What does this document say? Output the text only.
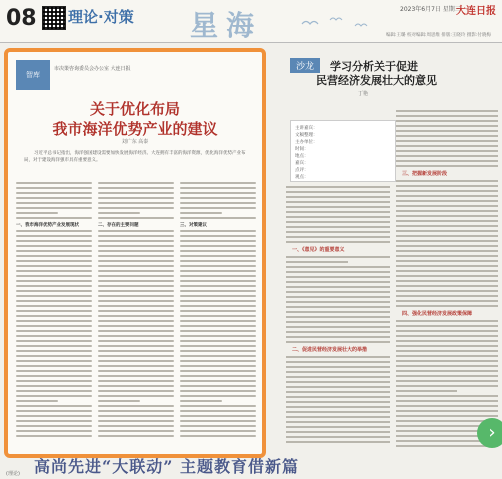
08 理论·对策 星海	2023年6月7日 星期三
大连日报
编辑:王璐 校对编辑:周思维 排版:王晓玲 摄影:付晓梅
智库
市决策咨询委员会办公室 大连日报
关于优化布局
我市海洋优势产业的建议
刘广东 高泰
习近平总书记指出，海洋强国建设需要加快发展海洋经济。大连拥有丰富的海洋资源，优化海洋优势产业布局，对于建设海洋强市具有重要意义。
一、我市海洋优势产业发展现状	二、存在的主要问题	三、对策建议
沙龙	学习分析关于促进
民营经济发展壮大的意见
丁艳
主讲嘉宾：
文稿整理：
主办单位：
时间：
地点：
嘉宾：
点评：
观点：
一、《意见》的重要意义
二、促进民营经济发展壮大的举措
三、把握新发展阶段
四、强化民营经济发展政策保障
高尚先进“大联动” 主题教育借新篇
(理论)
›
